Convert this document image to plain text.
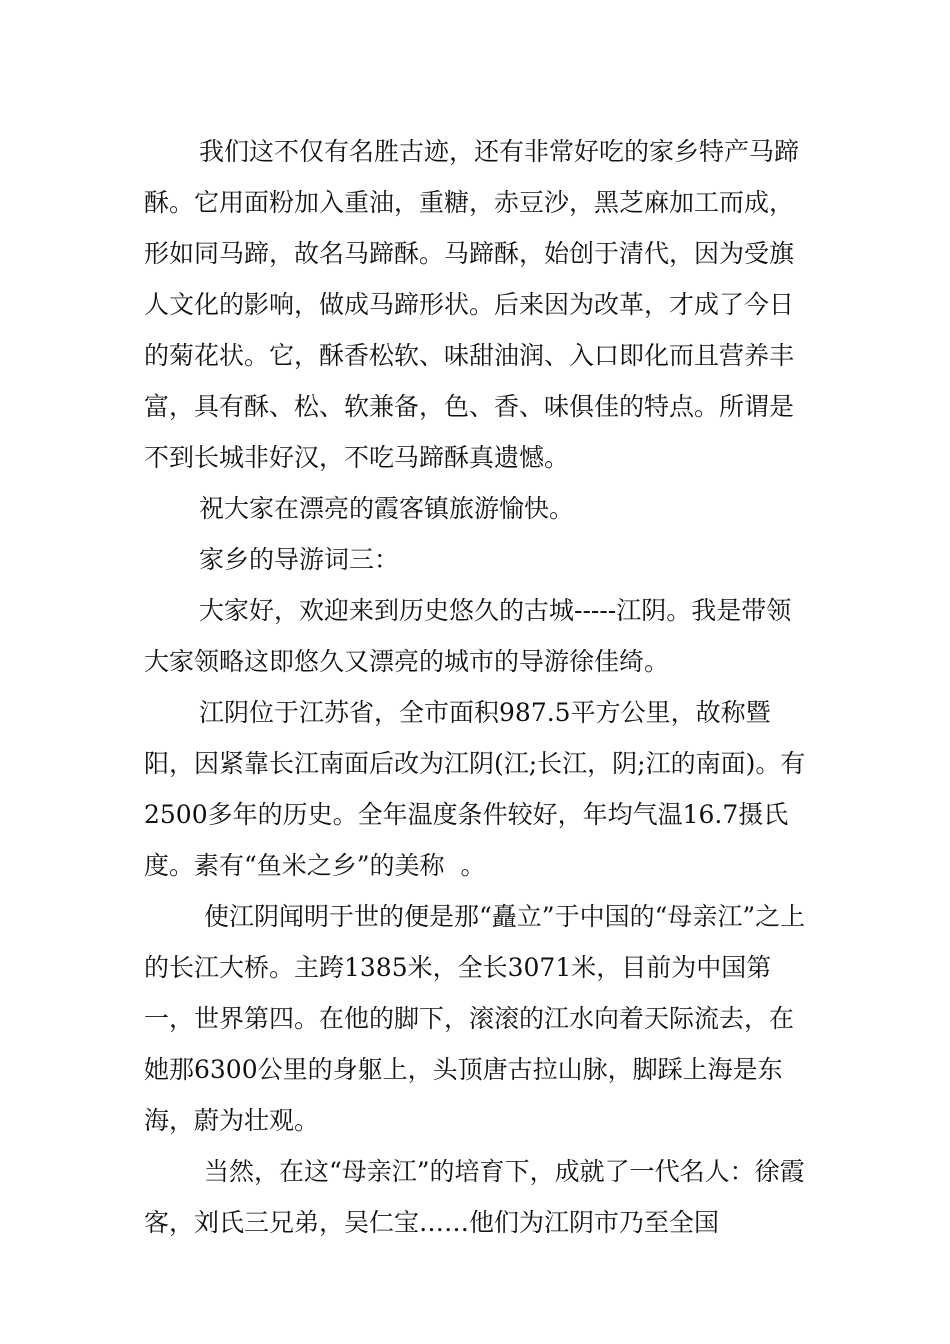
我们这不仅有名胜古迹，还有非常好吃的家乡特产马蹄酥。它用面粉加入重油，重糖，赤豆沙，黑芝麻加工而成，形如同马蹄，故名马蹄酥。马蹄酥，始创于清代，因为受旗人文化的影响，做成马蹄形状。后来因为改革，才成了今日的菊花状。它，酥香松软、味甜油润、入口即化而且营养丰富，具有酥、松、软兼备，色、香、味俱佳的特点。所谓是 不到长城非好汉，不吃马蹄酥真遗憾。

祝大家在漂亮的霞客镇旅游愉快。

家乡的导游词三：

大家好，欢迎来到历史悠久的古城-----江阴。我是带领大家领略这即悠久又漂亮的城市的导游徐佳绮。

江阴位于江苏省，全市面积987.5平方公里，故称暨阳，因紧靠长江南面后改为江阴(江;长江，阴;江的南面)。有2500多年的历史。全年温度条件较好，年均气温16.7摄氏度。素有“鱼米之乡”的美称  。

使江阴闻明于世的便是那“矗立”于中国的“母亲江”之上的长江大桥。主跨1385米，全长3071米，目前为中国第一，世界第四。在他的脚下，滚滚的江水向着天际流去，在她那6300公里的身躯上，头顶唐古拉山脉，脚踩上海是东海，蔚为壮观。

当然，在这“母亲江”的培育下，成就了一代名人：徐霞客，刘氏三兄弟，吴仁宝……他们为江阴市乃至全国
